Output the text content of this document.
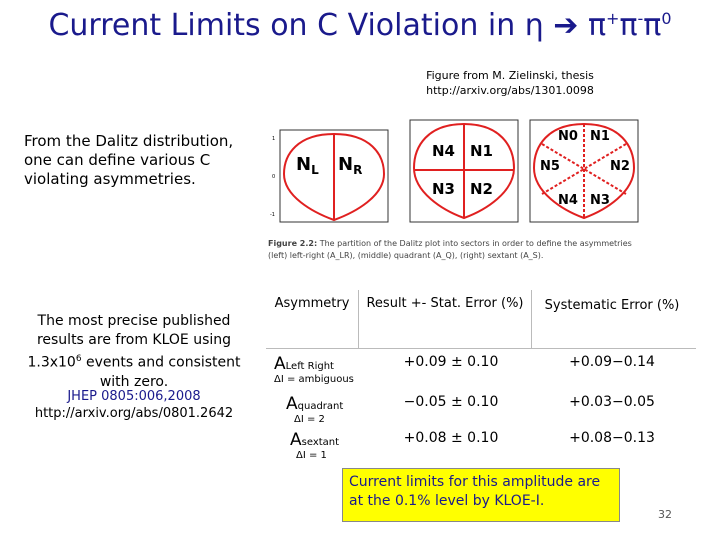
Current Limits on C Violation in η ➔ $\pi^+\pi^-\pi^0$
Figure from M. Zielinski, thesis
http://arxiv.org/abs/1301.0098
From the Dalitz distribution, one can define various C violating asymmetries.
The most precise published results are from KLOE using $1.3x10^6$ events and consistent with zero.
JHEP 0805:006,2008
http://arxiv.org/abs/0801.2642
$N_L$ $N_R$
1
0
-1
N4 N1
N3 N2
N0 N1
N5	N2
N4 N3
Figure 2.2: The partition of the Dalitz plot into sectors in order to define the asymmetries (left) left-right (A_LR), (middle) quadrant (A_Q), (right) sextant (A_S).
Asymmetry	Result +- Stat. Error (%)	Systematic Error (%)
ALeft Right
ΔI = ambiguous
+0.09 ± 0.10	+0.09−0.14
Aquadrant
ΔI = 2
−0.05 ± 0.10	+0.03−0.05
Asextant
ΔI = 1
+0.08 ± 0.10	+0.08−0.13
Current limits for this amplitude are at the 0.1% level by KLOE-I.
32
